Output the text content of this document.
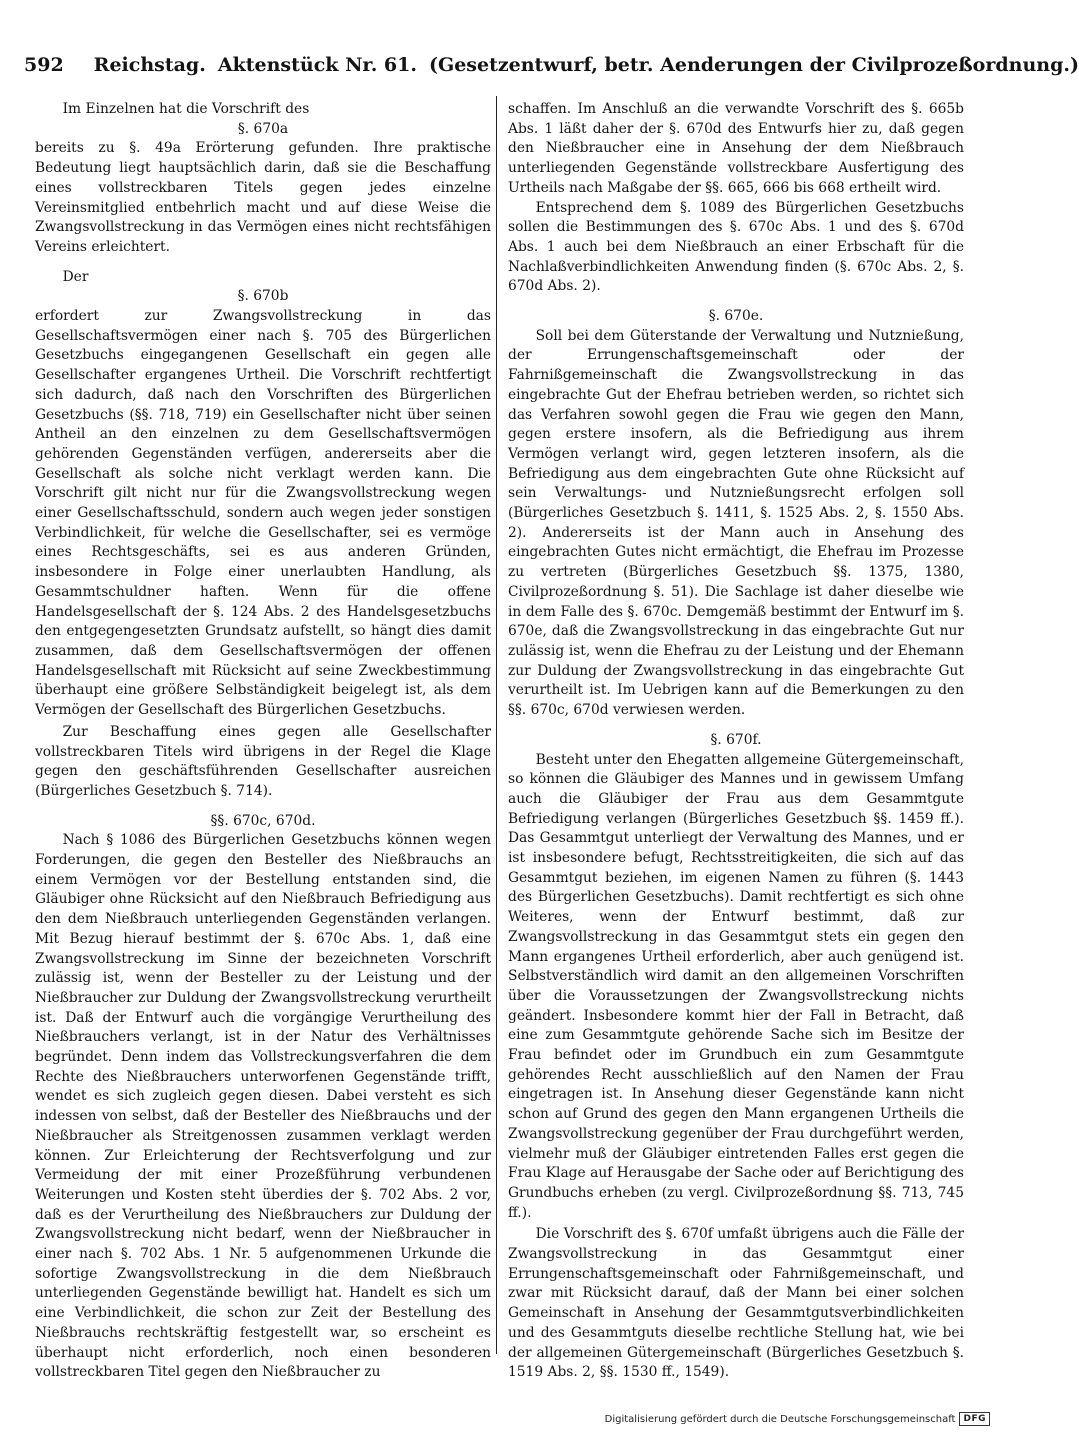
592 Reichstag. Aktenstück Nr. 61. (Gesetzentwurf, betr. Aenderungen der Civilprozeßordnung.)

Im Einzelnen hat die Vorschrift des

§. 670a

bereits zu §. 49a Erörterung gefunden. Ihre praktische Bedeutung liegt hauptsächlich darin, daß sie die Beschaffung eines vollstreckbaren Titels gegen jedes einzelne Vereinsmitglied entbehrlich macht und auf diese Weise die Zwangsvollstreckung in das Vermögen eines nicht rechtsfähigen Vereins erleichtert.

Der

§. 670b

erfordert zur Zwangsvollstreckung in das Gesellschaftsvermögen einer nach §. 705 des Bürgerlichen Gesetzbuchs eingegangenen Gesellschaft ein gegen alle Gesellschafter ergangenes Urtheil. Die Vorschrift rechtfertigt sich dadurch, daß nach den Vorschriften des Bürgerlichen Gesetzbuchs (§§. 718, 719) ein Gesellschafter nicht über seinen Antheil an den einzelnen zu dem Gesellschaftsvermögen gehörenden Gegenständen verfügen, andererseits aber die Gesellschaft als solche nicht verklagt werden kann. Die Vorschrift gilt nicht nur für die Zwangsvollstreckung wegen einer Gesellschaftsschuld, sondern auch wegen jeder sonstigen Verbindlichkeit, für welche die Gesellschafter, sei es vermöge eines Rechtsgeschäfts, sei es aus anderen Gründen, insbesondere in Folge einer unerlaubten Handlung, als Gesammtschuldner haften. Wenn für die offene Handelsgesellschaft der §. 124 Abs. 2 des Handelsgesetzbuchs den entgegengesetzten Grundsatz aufstellt, so hängt dies damit zusammen, daß dem Gesellschaftsvermögen der offenen Handelsgesellschaft mit Rücksicht auf seine Zweckbestimmung überhaupt eine größere Selbständigkeit beigelegt ist, als dem Vermögen der Gesellschaft des Bürgerlichen Gesetzbuchs.

Zur Beschaffung eines gegen alle Gesellschafter vollstreckbaren Titels wird übrigens in der Regel die Klage gegen den geschäftsführenden Gesellschafter ausreichen (Bürgerliches Gesetzbuch §. 714).

§§. 670c, 670d.

Nach § 1086 des Bürgerlichen Gesetzbuchs können wegen Forderungen, die gegen den Besteller des Nießbrauchs an einem Vermögen vor der Bestellung entstanden sind, die Gläubiger ohne Rücksicht auf den Nießbrauch Befriedigung aus den dem Nießbrauch unterliegenden Gegenständen verlangen. Mit Bezug hierauf bestimmt der §. 670c Abs. 1, daß eine Zwangsvollstreckung im Sinne der bezeichneten Vorschrift zulässig ist, wenn der Besteller zu der Leistung und der Nießbraucher zur Duldung der Zwangsvollstreckung verurtheilt ist. Daß der Entwurf auch die vorgängige Verurtheilung des Nießbrauchers verlangt, ist in der Natur des Verhältnisses begründet. Denn indem das Vollstreckungsverfahren die dem Rechte des Nießbrauchers unterworfenen Gegenstände trifft, wendet es sich zugleich gegen diesen. Dabei versteht es sich indessen von selbst, daß der Besteller des Nießbrauchs und der Nießbraucher als Streitgenossen zusammen verklagt werden können. Zur Erleichterung der Rechtsverfolgung und zur Vermeidung der mit einer Prozeßführung verbundenen Weiterungen und Kosten steht überdies der §. 702 Abs. 2 vor, daß es der Verurtheilung des Nießbrauchers zur Duldung der Zwangsvollstreckung nicht bedarf, wenn der Nießbraucher in einer nach §. 702 Abs. 1 Nr. 5 aufgenommenen Urkunde die sofortige Zwangsvollstreckung in die dem Nießbrauch unterliegenden Gegenstände bewilligt hat. Handelt es sich um eine Verbindlichkeit, die schon zur Zeit der Bestellung des Nießbrauchs rechtskräftig festgestellt war, so erscheint es überhaupt nicht erforderlich, noch einen besonderen vollstreckbaren Titel gegen den Nießbraucher zu

schaffen. Im Anschluß an die verwandte Vorschrift des §. 665b Abs. 1 läßt daher der §. 670d des Entwurfs hier zu, daß gegen den Nießbraucher eine in Ansehung der dem Nießbrauch unterliegenden Gegenstände vollstreckbare Ausfertigung des Urtheils nach Maßgabe der §§. 665, 666 bis 668 ertheilt wird.

Entsprechend dem §. 1089 des Bürgerlichen Gesetzbuchs sollen die Bestimmungen des §. 670c Abs. 1 und des §. 670d Abs. 1 auch bei dem Nießbrauch an einer Erbschaft für die Nachlaßverbindlichkeiten Anwendung finden (§. 670c Abs. 2, §. 670d Abs. 2).

§. 670e.

Soll bei dem Güterstande der Verwaltung und Nutznießung, der Errungenschaftsgemeinschaft oder der Fahrnißgemeinschaft die Zwangsvollstreckung in das eingebrachte Gut der Ehefrau betrieben werden, so richtet sich das Verfahren sowohl gegen die Frau wie gegen den Mann, gegen erstere insofern, als die Befriedigung aus ihrem Vermögen verlangt wird, gegen letzteren insofern, als die Befriedigung aus dem eingebrachten Gute ohne Rücksicht auf sein Verwaltungs- und Nutznießungsrecht erfolgen soll (Bürgerliches Gesetzbuch §. 1411, §. 1525 Abs. 2, §. 1550 Abs. 2). Andererseits ist der Mann auch in Ansehung des eingebrachten Gutes nicht ermächtigt, die Ehefrau im Prozesse zu vertreten (Bürgerliches Gesetzbuch §§. 1375, 1380, Civilprozeßordnung §. 51). Die Sachlage ist daher dieselbe wie in dem Falle des §. 670c. Demgemäß bestimmt der Entwurf im §. 670e, daß die Zwangsvollstreckung in das eingebrachte Gut nur zulässig ist, wenn die Ehefrau zu der Leistung und der Ehemann zur Duldung der Zwangsvollstreckung in das eingebrachte Gut verurtheilt ist. Im Uebrigen kann auf die Bemerkungen zu den §§. 670c, 670d verwiesen werden.

§. 670f.

Besteht unter den Ehegatten allgemeine Gütergemeinschaft, so können die Gläubiger des Mannes und in gewissem Umfang auch die Gläubiger der Frau aus dem Gesammtgute Befriedigung verlangen (Bürgerliches Gesetzbuch §§. 1459 ff.). Das Gesammtgut unterliegt der Verwaltung des Mannes, und er ist insbesondere befugt, Rechtsstreitigkeiten, die sich auf das Gesammtgut beziehen, im eigenen Namen zu führen (§. 1443 des Bürgerlichen Gesetzbuchs). Damit rechtfertigt es sich ohne Weiteres, wenn der Entwurf bestimmt, daß zur Zwangsvollstreckung in das Gesammtgut stets ein gegen den Mann ergangenes Urtheil erforderlich, aber auch genügend ist. Selbstverständlich wird damit an den allgemeinen Vorschriften über die Voraussetzungen der Zwangsvollstreckung nichts geändert. Insbesondere kommt hier der Fall in Betracht, daß eine zum Gesammtgute gehörende Sache sich im Besitze der Frau befindet oder im Grundbuch ein zum Gesammtgute gehörendes Recht ausschließlich auf den Namen der Frau eingetragen ist. In Ansehung dieser Gegenstände kann nicht schon auf Grund des gegen den Mann ergangenen Urtheils die Zwangsvollstreckung gegenüber der Frau durchgeführt werden, vielmehr muß der Gläubiger eintretenden Falles erst gegen die Frau Klage auf Herausgabe der Sache oder auf Berichtigung des Grundbuchs erheben (zu vergl. Civilprozeßordnung §§. 713, 745 ff.).

Die Vorschrift des §. 670f umfaßt übrigens auch die Fälle der Zwangsvollstreckung in das Gesammtgut einer Errungenschaftsgemeinschaft oder Fahrnißgemeinschaft, und zwar mit Rücksicht darauf, daß der Mann bei einer solchen Gemeinschaft in Ansehung der Gesammtgutsverbindlichkeiten und des Gesammtguts dieselbe rechtliche Stellung hat, wie bei der allgemeinen Gütergemeinschaft (Bürgerliches Gesetzbuch §. 1519 Abs. 2, §§. 1530 ff., 1549).

Digitalisierung gefördert durch die Deutsche Forschungsgemeinschaft DFG
